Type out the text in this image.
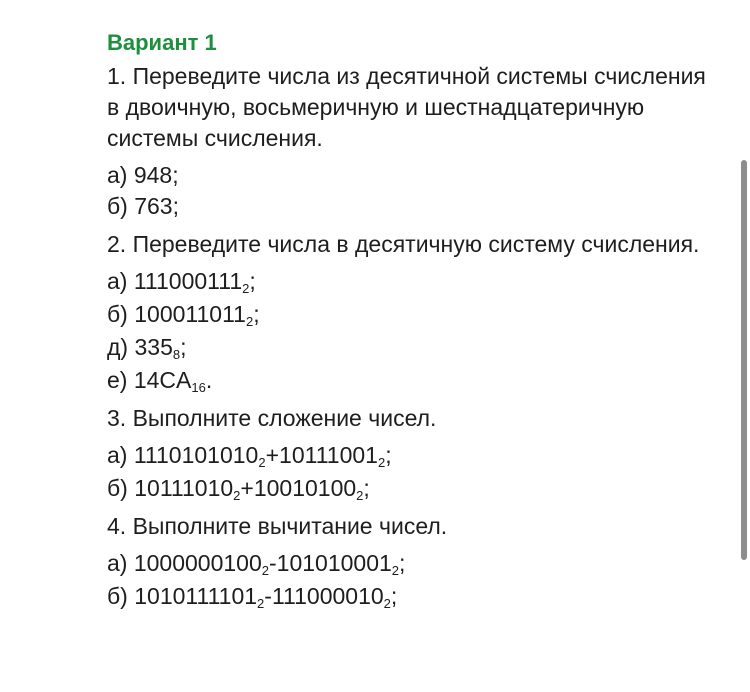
Вариант 1
1. Переведите числа из десятичной системы счисления в двоичную, восьмеричную и шестнадцатеричную системы счисления.
а) 948;
б) 763;
2. Переведите числа в десятичную систему счисления.
а) $111000111_2$;
б) $100011011_2$;
д) $335_8$;
е) $14CA_{16}$.
3. Выполните сложение чисел.
а) $1110101010_2+10111001_2$;
б) $10111010_2+10010100_2$;
4. Выполните вычитание чисел.
а) $1000000100_2-101010001_2$;
б) $1010111101_2-111000010_2$;
